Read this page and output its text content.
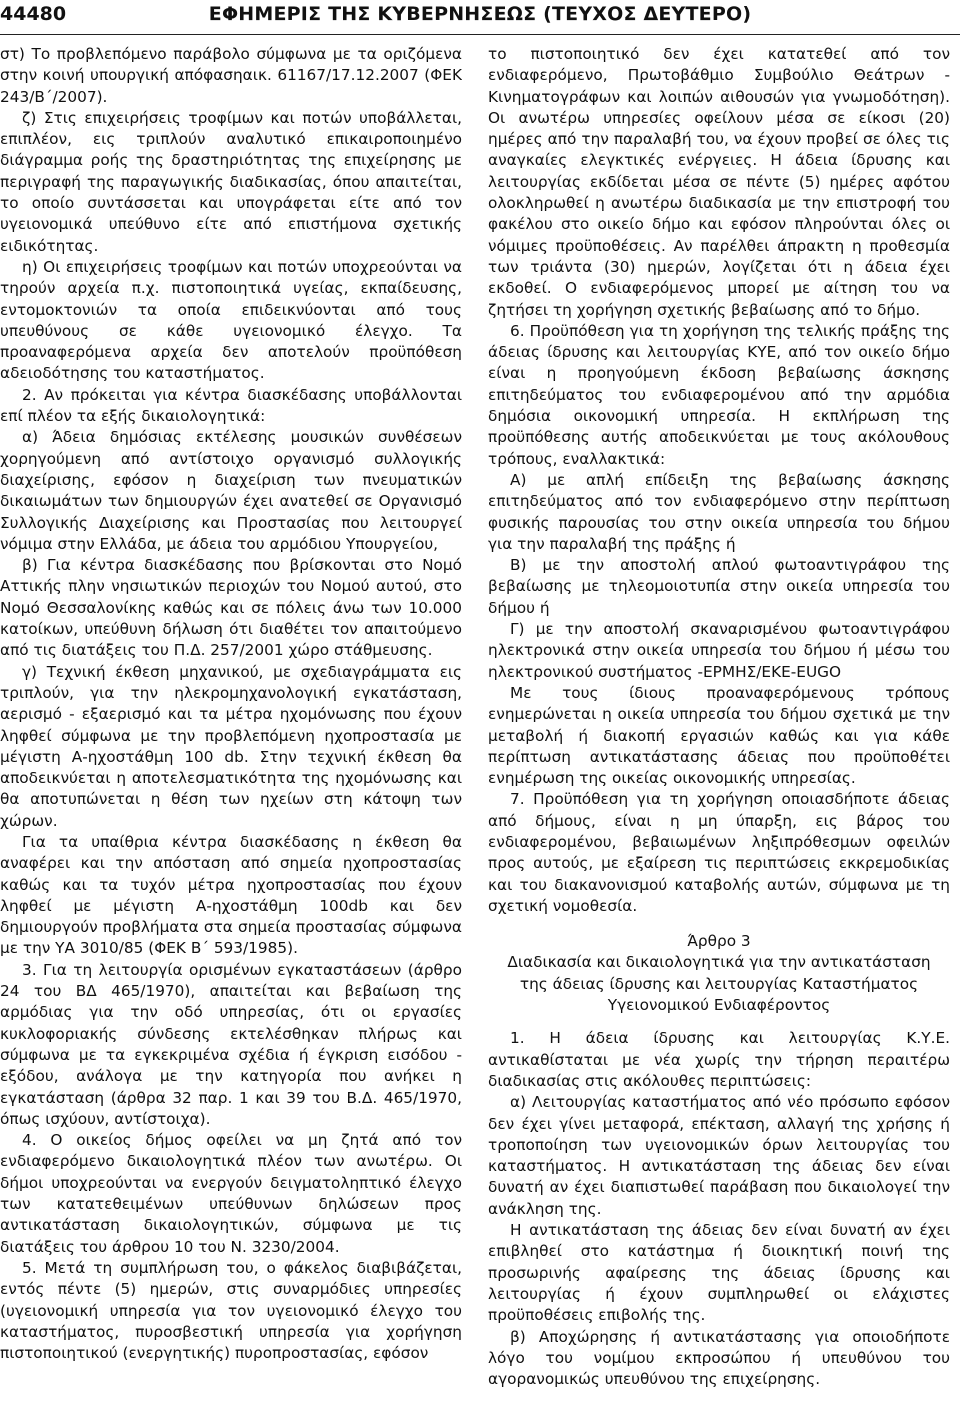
44480	ΕΦΗΜΕΡΙΣ ΤΗΣ ΚΥΒΕΡΝΗΣΕΩΣ (ΤΕΥΧΟΣ ΔΕΥΤΕΡΟ)

στ) Το προβλεπόμενο παράβολο σύμφωνα με τα οριζόμενα στην κοινή υπουργική απόφασηαικ. 61167/17.12.2007 (ΦΕΚ 243/Β΄/2007).

ζ) Στις επιχειρήσεις τροφίμων και ποτών υποβάλλεται, επιπλέον, εις τριπλούν αναλυτικό επικαιροποιημένο διάγραμμα ροής της δραστηριότητας της επιχείρησης με περιγραφή της παραγωγικής διαδικασίας, όπου απαιτείται, το οποίο συντάσσεται και υπογράφεται είτε από τον υγειονομικά υπεύθυνο είτε από επιστήμονα σχετικής ειδικότητας.

η) Οι επιχειρήσεις τροφίμων και ποτών υποχρεούνται να τηρούν αρχεία π.χ. πιστοποιητικά υγείας, εκπαίδευσης, εντομοκτονιών τα οποία επιδεικνύονται από τους υπευθύνους σε κάθε υγειονομικό έλεγχο. Τα προαναφερόμενα αρχεία δεν αποτελούν προϋπόθεση αδειοδότησης του καταστήματος.

2. Αν πρόκειται για κέντρα διασκέδασης υποβάλλονται επί πλέον τα εξής δικαιολογητικά:

α) Άδεια δημόσιας εκτέλεσης μουσικών συνθέσεων χορηγούμενη από αντίστοιχο οργανισμό συλλογικής διαχείρισης, εφόσον η διαχείριση των πνευματικών δικαιωμάτων των δημιουργών έχει ανατεθεί σε Οργανισμό Συλλογικής Διαχείρισης και Προστασίας που λειτουργεί νόμιμα στην Ελλάδα, με άδεια του αρμόδιου Υπουργείου,

β) Για κέντρα διασκέδασης που βρίσκονται στο Νομό Αττικής πλην νησιωτικών περιοχών του Νομού αυτού, στο Νομό Θεσσαλονίκης καθώς και σε πόλεις άνω των 10.000 κατοίκων, υπεύθυνη δήλωση ότι διαθέτει τον απαιτούμενο από τις διατάξεις του Π.Δ. 257/2001 χώρο στάθμευσης.

γ) Τεχνική έκθεση μηχανικού, με σχεδιαγράμματα εις τριπλούν, για την ηλεκρομηχανολογική εγκατάσταση, αερισμό - εξαερισμό και τα μέτρα ηχομόνωσης που έχουν ληφθεί σύμφωνα με την προβλεπόμενη ηχοπροστασία με μέγιστη Α-ηχοστάθμη 100 db. Στην τεχνική έκθεση θα αποδεικνύεται η αποτελεσματικότητα της ηχομόνωσης και θα αποτυπώνεται η θέση των ηχείων στη κάτοψη των χώρων.

Για τα υπαίθρια κέντρα διασκέδασης η έκθεση θα αναφέρει και την απόσταση από σημεία ηχοπροστασίας καθώς και τα τυχόν μέτρα ηχοπροστασίας που έχουν ληφθεί με μέγιστη Α-ηχοστάθμη 100db και δεν δημιουργούν προβλήματα στα σημεία προστασίας σύμφωνα με την ΥΑ 3010/85 (ΦΕΚ Β΄ 593/1985).

3. Για τη λειτουργία ορισμένων εγκαταστάσεων (άρθρο 24 του ΒΔ 465/1970), απαιτείται και βεβαίωση της αρμόδιας για την οδό υπηρεσίας, ότι οι εργασίες κυκλοφοριακής σύνδεσης εκτελέσθηκαν πλήρως και σύμφωνα με τα εγκεκριμένα σχέδια ή έγκριση εισόδου - εξόδου, ανάλογα με την κατηγορία που ανήκει η εγκατάσταση (άρθρα 32 παρ. 1 και 39 του Β.Δ. 465/1970, όπως ισχύουν, αντίστοιχα).

4. Ο οικείος δήμος οφείλει να μη ζητά από τον ενδιαφερόμενο δικαιολογητικά πλέον των ανωτέρω. Οι δήμοι υποχρεούνται να ενεργούν δειγματοληπτικό έλεγχο των κατατεθειμένων υπεύθυνων δηλώσεων προς αντικατάσταση δικαιολογητικών, σύμφωνα με τις διατάξεις του άρθρου 10 του Ν. 3230/2004.

5. Μετά τη συμπλήρωση του, ο φάκελος διαβιβάζεται, εντός πέντε (5) ημερών, στις συναρμόδιες υπηρεσίες (υγειονομική υπηρεσία για τον υγειονομικό έλεγχο του καταστήματος, πυροσβεστική υπηρεσία για χορήγηση πιστοποιητικού (ενεργητικής) πυροπροστασίας, εφόσον

το πιστοποιητικό δεν έχει κατατεθεί από τον ενδιαφερόμενο, Πρωτοβάθμιο Συμβούλιο Θεάτρων - Κινηματογράφων και λοιπών αιθουσών για γνωμοδότηση). Οι ανωτέρω υπηρεσίες οφείλουν μέσα σε είκοσι (20) ημέρες από την παραλαβή του, να έχουν προβεί σε όλες τις αναγκαίες ελεγκτικές ενέργειες. Η άδεια ίδρυσης και λειτουργίας εκδίδεται μέσα σε πέντε (5) ημέρες αφότου ολοκληρωθεί η ανωτέρω διαδικασία με την επιστροφή του φακέλου στο οικείο δήμο και εφόσον πληρούνται όλες οι νόμιμες προϋποθέσεις. Αν παρέλθει άπρακτη η προθεσμία των τριάντα (30) ημερών, λογίζεται ότι η άδεια έχει εκδοθεί. Ο ενδιαφερόμενος μπορεί με αίτηση του να ζητήσει τη χορήγηση σχετικής βεβαίωσης από το δήμο.

6. Προϋπόθεση για τη χορήγηση της τελικής πράξης της άδειας ίδρυσης και λειτουργίας ΚΥΕ, από τον οικείο δήμο είναι η προηγούμενη έκδοση βεβαίωσης άσκησης επιτηδεύματος του ενδιαφερομένου από την αρμόδια δημόσια οικονομική υπηρεσία. Η εκπλήρωση της προϋπόθεσης αυτής αποδεικνύεται με τους ακόλουθους τρόπους, εναλλακτικά:

Α) με απλή επίδειξη της βεβαίωσης άσκησης επιτηδεύματος από τον ενδιαφερόμενο στην περίπτωση φυσικής παρουσίας του στην οικεία υπηρεσία του δήμου για την παραλαβή της πράξης ή

Β) με την αποστολή απλού φωτοαντιγράφου της βεβαίωσης με τηλεομοιοτυπία στην οικεία υπηρεσία του δήμου ή

Γ) με την αποστολή σκαναρισμένου φωτοαντιγράφου ηλεκτρονικά στην οικεία υπηρεσία του δήμου ή μέσω του ηλεκτρονικού συστήματος -ΕΡΜΗΣ/ΕΚΕ-EUGO

Με τους ίδιους προαναφερόμενους τρόπους ενημερώνεται η οικεία υπηρεσία του δήμου σχετικά με την μεταβολή ή διακοπή εργασιών καθώς και για κάθε περίπτωση αντικατάστασης άδειας που προϋποθέτει ενημέρωση της οικείας οικονομικής υπηρεσίας.

7. Προϋπόθεση για τη χορήγηση οποιασδήποτε άδειας από δήμους, είναι η μη ύπαρξη, εις βάρος του ενδιαφερομένου, βεβαιωμένων ληξιπρόθεσμων οφειλών προς αυτούς, με εξαίρεση τις περιπτώσεις εκκρεμοδικίας και του διακανονισμού καταβολής αυτών, σύμφωνα με τη σχετική νομοθεσία.

Άρθρο 3
Διαδικασία και δικαιολογητικά για την αντικατάσταση
της άδειας ίδρυσης και λειτουργίας Καταστήματος
Υγειονομικού Ενδιαφέροντος

1. Η άδεια ίδρυσης και λειτουργίας Κ.Υ.Ε. αντικαθίσταται με νέα χωρίς την τήρηση περαιτέρω διαδικασίας στις ακόλουθες περιπτώσεις:

α) Λειτουργίας καταστήματος από νέο πρόσωπο εφόσον δεν έχει γίνει μεταφορά, επέκταση, αλλαγή της χρήσης ή τροποποίηση των υγειονομικών όρων λειτουργίας του καταστήματος. Η αντικατάσταση της άδειας δεν είναι δυνατή αν έχει διαπιστωθεί παράβαση που δικαιολογεί την ανάκληση της.

Η αντικατάσταση της άδειας δεν είναι δυνατή αν έχει επιβληθεί στο κατάστημα ή διοικητική ποινή της προσωρινής αφαίρεσης της άδειας ίδρυσης και λειτουργίας ή έχουν συμπληρωθεί οι ελάχιστες προϋποθέσεις επιβολής της.

β) Αποχώρησης ή αντικατάστασης για οποιοδήποτε λόγο του νομίμου εκπροσώπου ή υπευθύνου του αγορανομικώς υπευθύνου της επιχείρησης.
